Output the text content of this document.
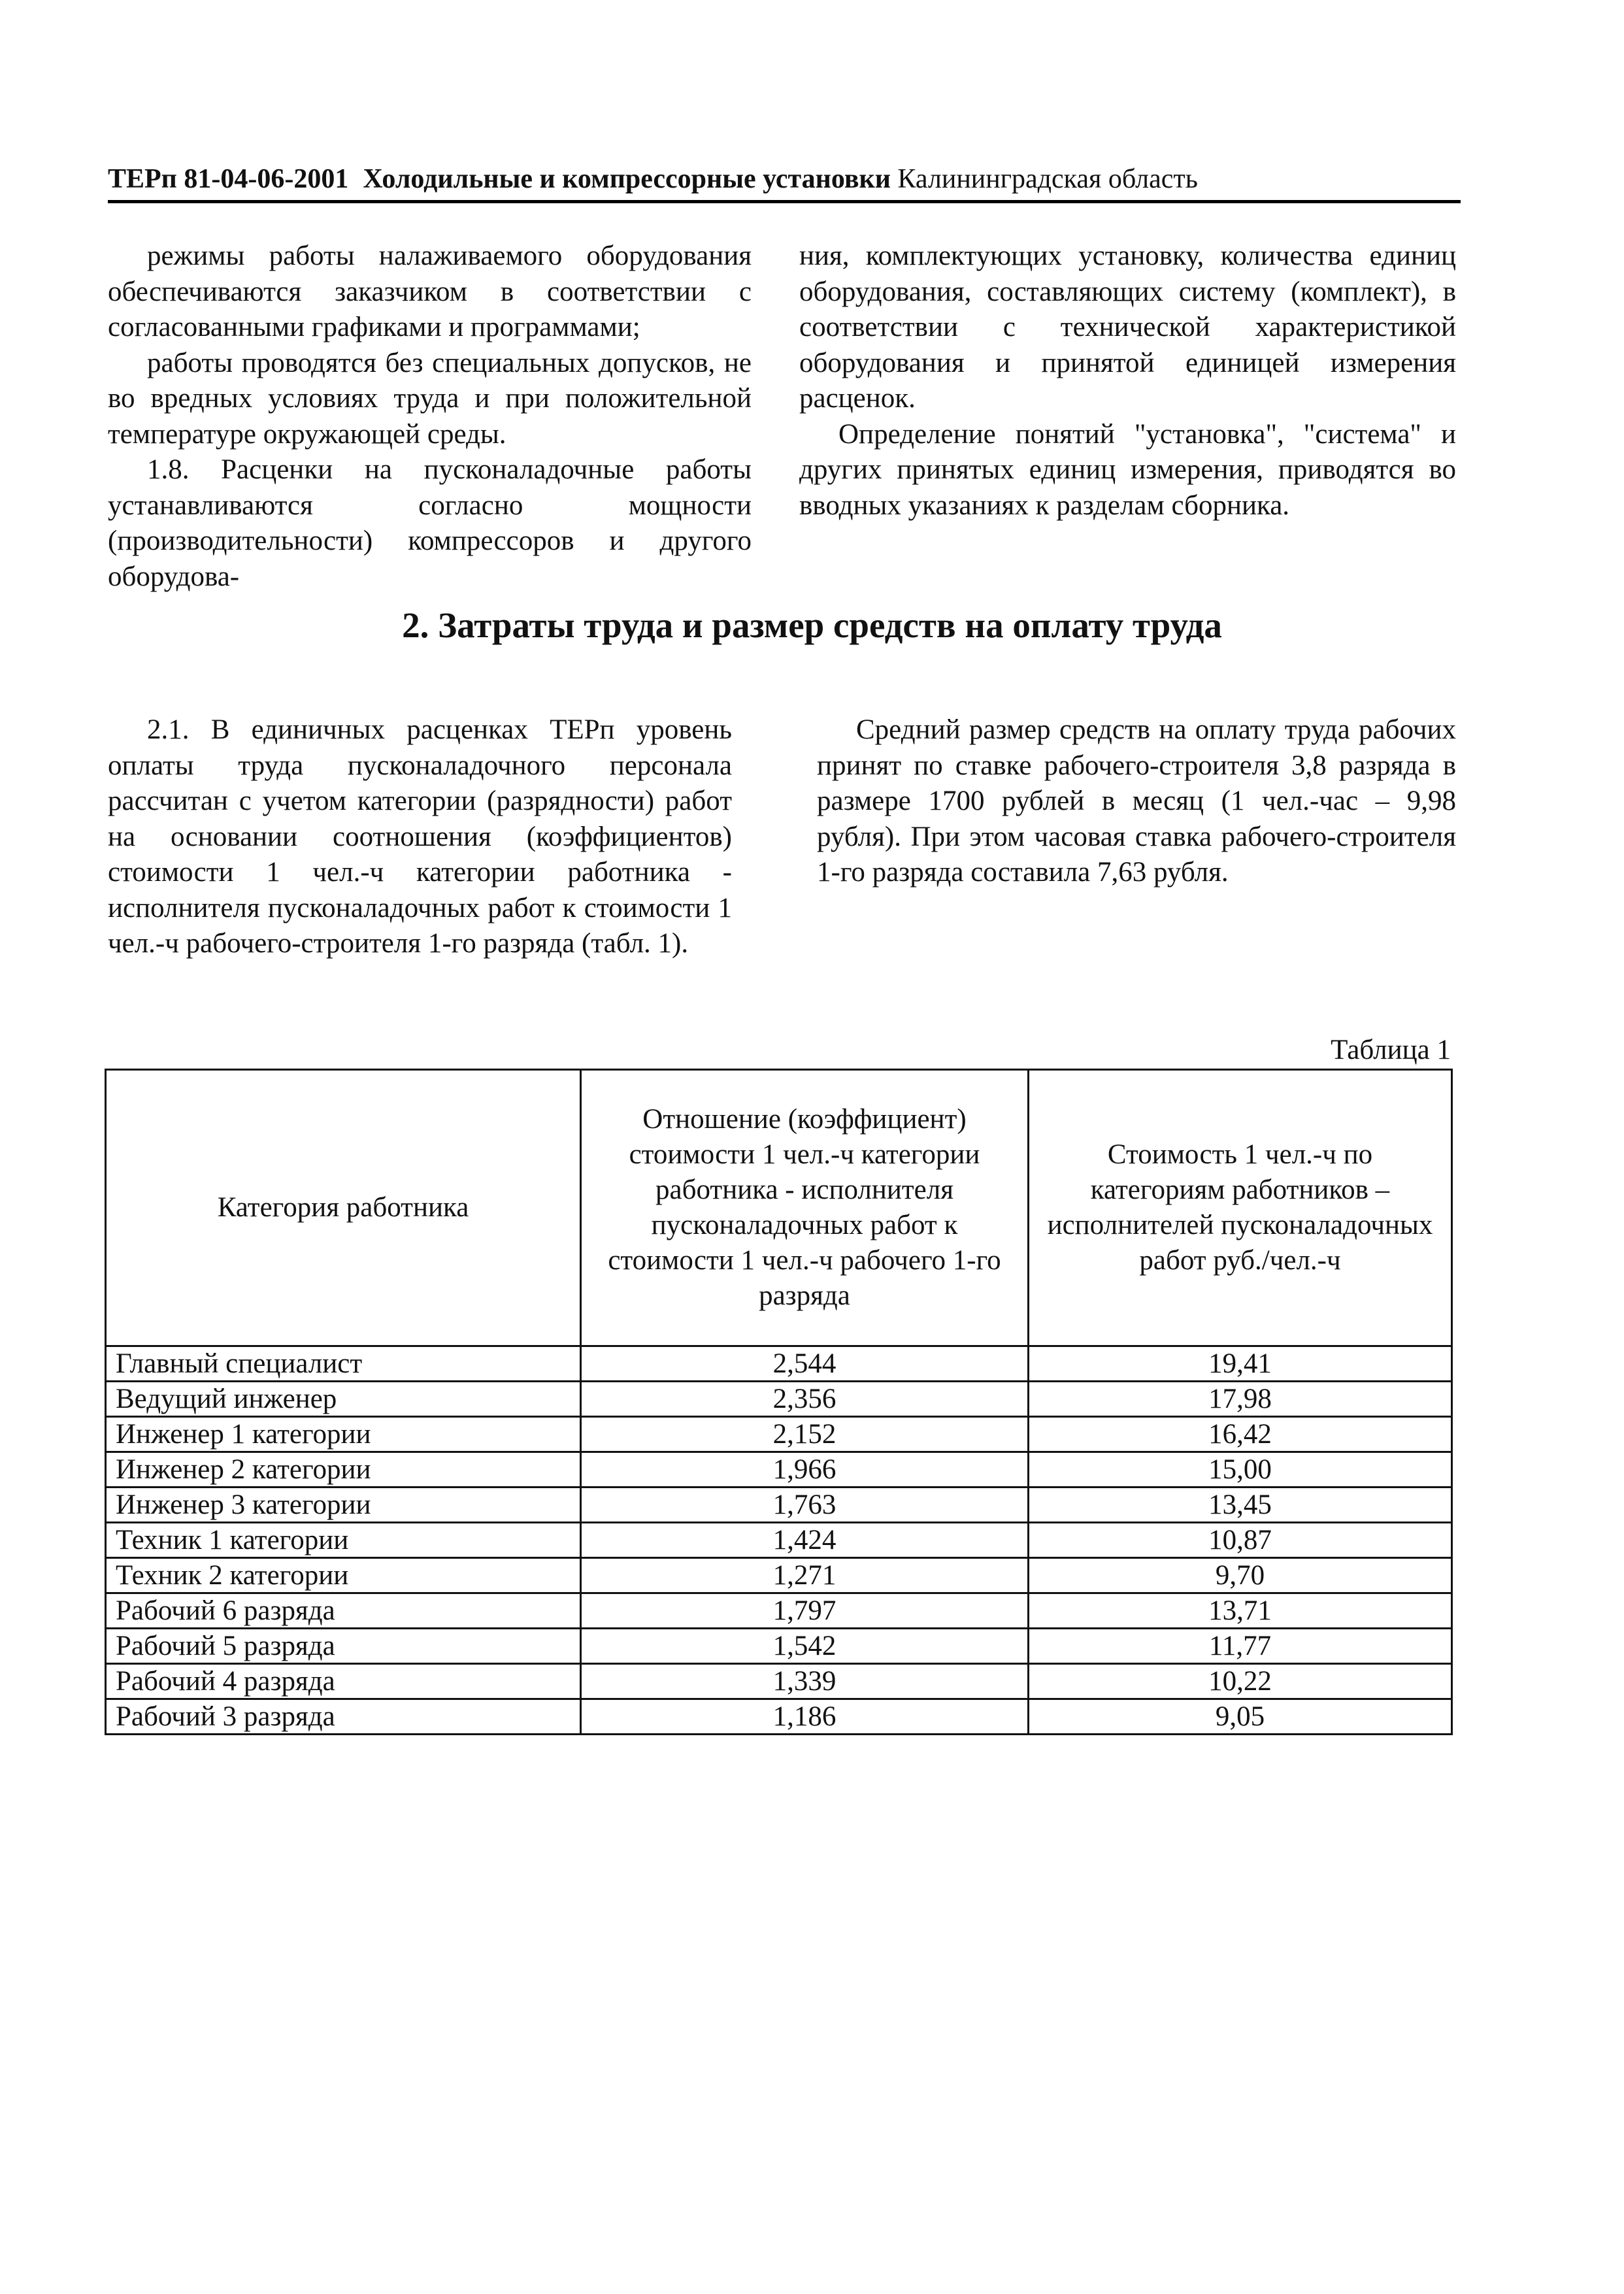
ТЕРп 81-04-06-2001 Холодильные и компрессорные установки Калининградская область

режимы работы налаживаемого оборудования обеспечиваются заказчиком в соответствии с согласованными графиками и программами;

работы проводятся без специальных допусков, не во вредных условиях труда и при положительной температуре окружающей среды.

1.8. Расценки на пусконаладочные работы устанавливаются согласно мощности (производительности) компрессоров и другого оборудова-

ния, комплектующих установку, количества единиц оборудования, составляющих систему (комплект), в соответствии с технической характеристикой оборудования и принятой единицей измерения расценок.

Определение понятий "установка", "система" и других принятых единиц измерения, приводятся во вводных указаниях к разделам сборника.

2. Затраты труда и размер средств на оплату труда

2.1. В единичных расценках ТЕРп уровень оплаты труда пусконаладочного персонала рассчитан с учетом категории (разрядности) работ на основании соотношения (коэффициентов) стоимости 1 чел.-ч категории работника - исполнителя пусконаладочных работ к стоимости 1 чел.-ч рабочего-строителя 1-го разряда (табл. 1).

Средний размер средств на оплату труда рабочих принят по ставке рабочего-строителя 3,8 разряда в размере 1700 рублей в месяц (1 чел.-час – 9,98 рубля). При этом часовая ставка рабочего-строителя 1-го разряда составила 7,63 рубля.

Таблица 1
Категория работника	Отношение (коэффициент) стоимости 1 чел.-ч категории работника - исполнителя пусконаладочных работ к стоимости 1 чел.-ч рабочего 1-го разряда	Стоимость 1 чел.-ч по категориям работников – исполнителей пусконаладочных работ руб./чел.-ч
Главный специалист	2,544	19,41
Ведущий инженер	2,356	17,98
Инженер 1 категории	2,152	16,42
Инженер 2 категории	1,966	15,00
Инженер 3 категории	1,763	13,45
Техник 1 категории	1,424	10,87
Техник 2 категории	1,271	9,70
Рабочий 6 разряда	1,797	13,71
Рабочий 5 разряда	1,542	11,77
Рабочий 4 разряда	1,339	10,22
Рабочий 3 разряда	1,186	9,05
